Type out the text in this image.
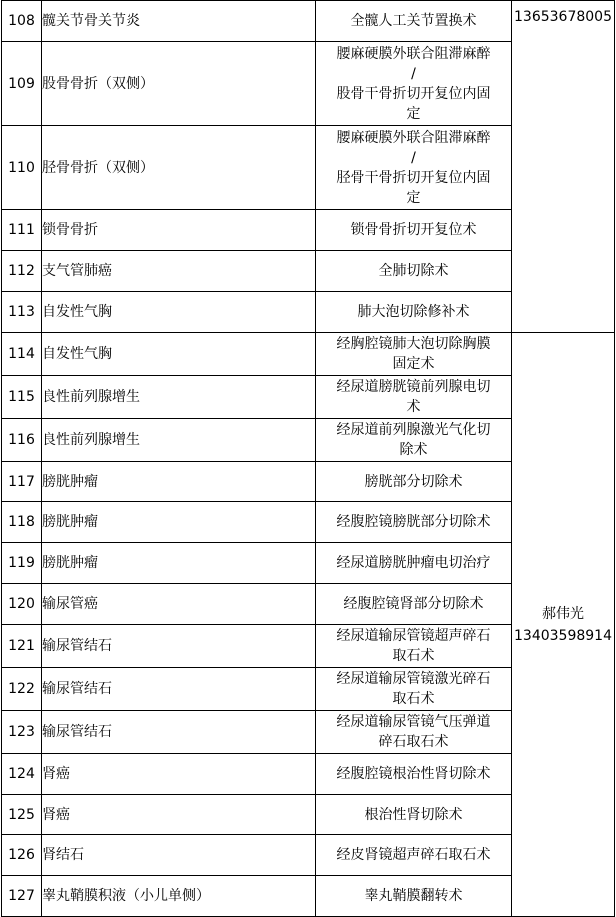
108	髋关节骨关节炎	全髋人工关节置换术	13653678005
109	股骨骨折（双侧）	腰麻硬膜外联合阻滞麻醉
/
股骨干骨折切开复位内固
定	

110	胫骨骨折（双侧）	腰麻硬膜外联合阻滞麻醉
/
胫骨干骨折切开复位内固
定	

111	锁骨骨折	锁骨骨折切开复位术	

112	支气管肺癌	全肺切除术	

113	自发性气胸	肺大泡切除修补术	

114	自发性气胸	经胸腔镜肺大泡切除胸膜
固定术	郝伟光
13403598914
115	良性前列腺增生	经尿道膀胱镜前列腺电切
术	

116	良性前列腺增生	经尿道前列腺激光气化切
除术	

117	膀胱肿瘤	膀胱部分切除术	

118	膀胱肿瘤	经腹腔镜膀胱部分切除术	

119	膀胱肿瘤	经尿道膀胱肿瘤电切治疗	

120	输尿管癌	经腹腔镜肾部分切除术	

121	输尿管结石	经尿道输尿管镜超声碎石
取石术	

122	输尿管结石	经尿道输尿管镜激光碎石
取石术	

123	输尿管结石	经尿道输尿管镜气压弹道
碎石取石术	

124	肾癌	经腹腔镜根治性肾切除术	

125	肾癌	根治性肾切除术	

126	肾结石	经皮肾镜超声碎石取石术	

127	睾丸鞘膜积液（小儿单侧）	睾丸鞘膜翻转术	
